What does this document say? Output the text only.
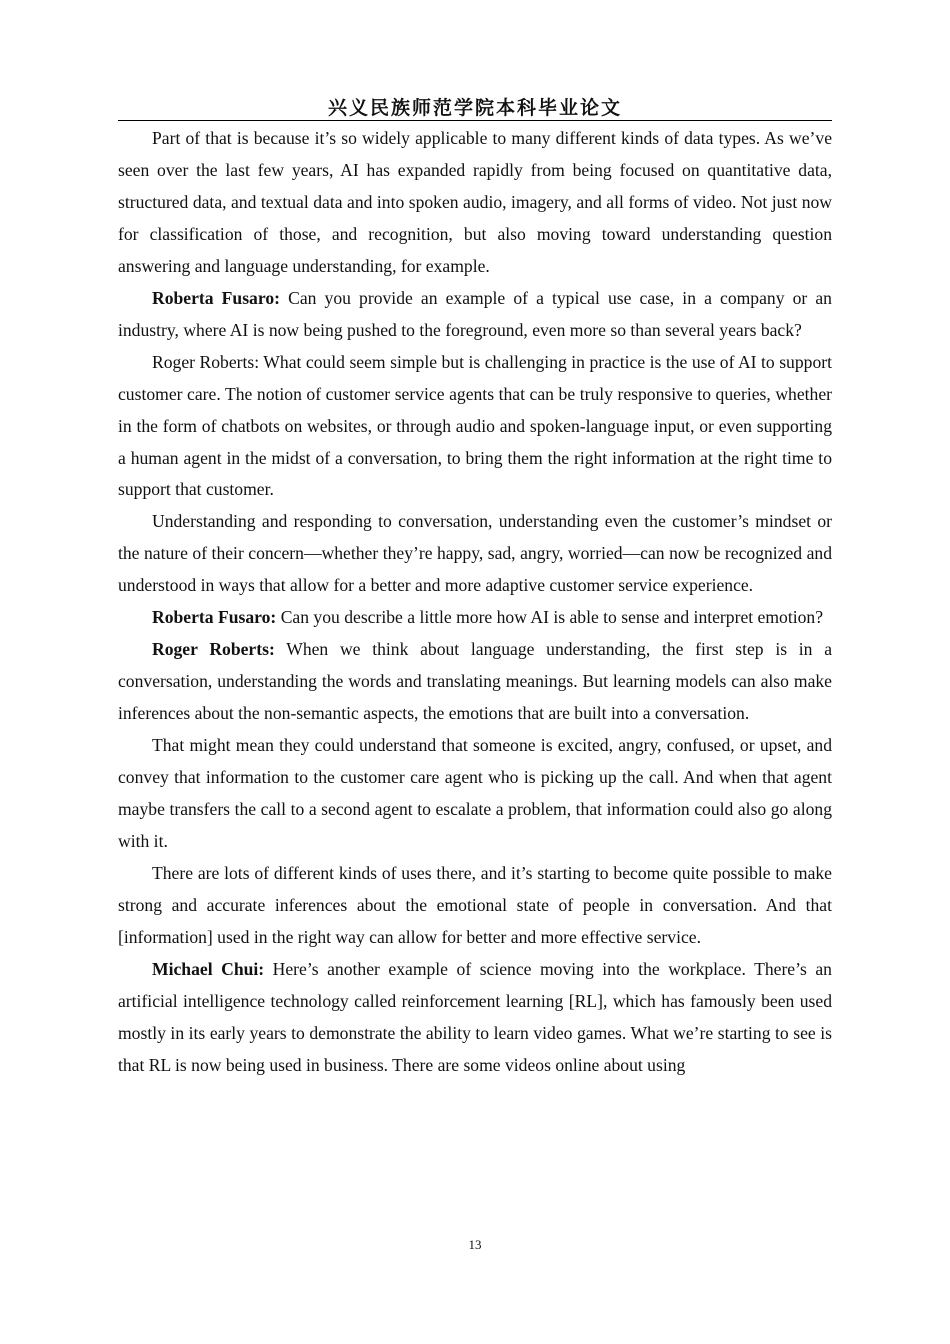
兴义民族师范学院本科毕业论文

Part of that is because it’s so widely applicable to many different kinds of data types. As we’ve seen over the last few years, AI has expanded rapidly from being focused on quantitative data, structured data, and textual data and into spoken audio, imagery, and all forms of video. Not just now for classification of those, and recognition, but also moving toward understanding question answering and language understanding, for example.

Roberta Fusaro: Can you provide an example of a typical use case, in a company or an industry, where AI is now being pushed to the foreground, even more so than several years back?

Roger Roberts: What could seem simple but is challenging in practice is the use of AI to support customer care. The notion of customer service agents that can be truly responsive to queries, whether in the form of chatbots on websites, or through audio and spoken-language input, or even supporting a human agent in the midst of a conversation, to bring them the right information at the right time to support that customer.

Understanding and responding to conversation, understanding even the customer’s mindset or the nature of their concern—whether they’re happy, sad, angry, worried—can now be recognized and understood in ways that allow for a better and more adaptive customer service experience.

Roberta Fusaro: Can you describe a little more how AI is able to sense and interpret emotion?

Roger Roberts: When we think about language understanding, the first step is in a conversation, understanding the words and translating meanings. But learning models can also make inferences about the non-semantic aspects, the emotions that are built into a conversation.

That might mean they could understand that someone is excited, angry, confused, or upset, and convey that information to the customer care agent who is picking up the call. And when that agent maybe transfers the call to a second agent to escalate a problem, that information could also go along with it.

There are lots of different kinds of uses there, and it’s starting to become quite possible to make strong and accurate inferences about the emotional state of people in conversation. And that [information] used in the right way can allow for better and more effective service.

Michael Chui: Here’s another example of science moving into the workplace. There’s an artificial intelligence technology called reinforcement learning [RL], which has famously been used mostly in its early years to demonstrate the ability to learn video games. What we’re starting to see is that RL is now being used in business. There are some videos online about using

13
